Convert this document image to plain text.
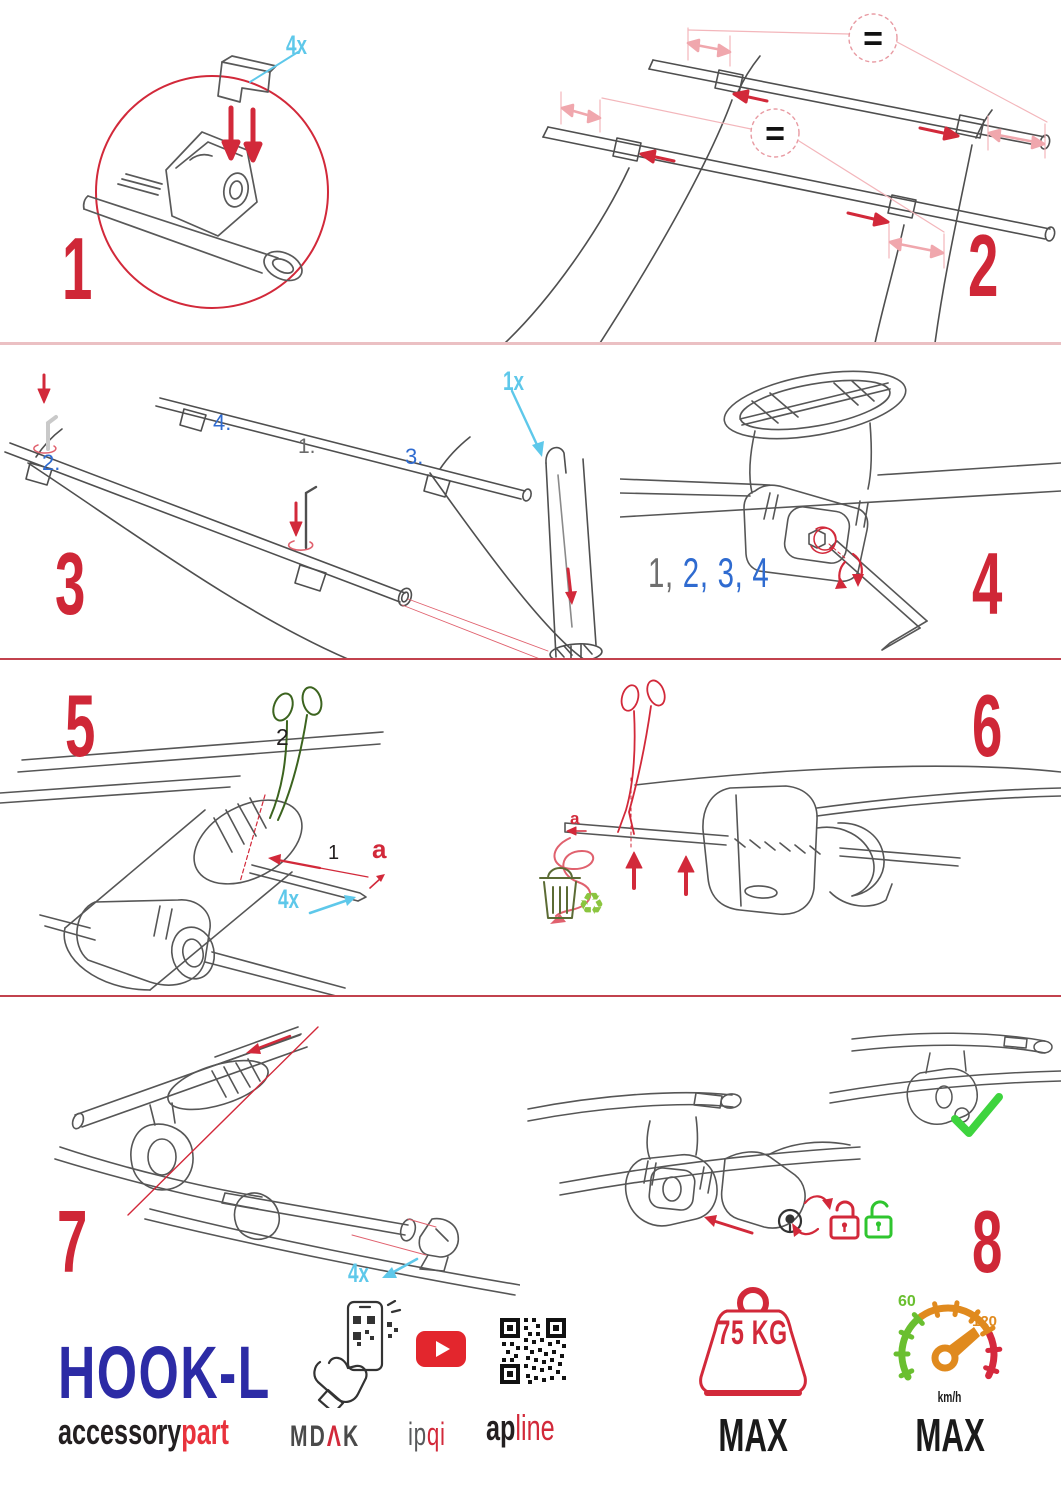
4x
1
=
=
2
1x
2.
4.
1.	3.
3	1, 2, 3, 4	4
5	2
1 a
4x
a
♻
6
7	4x	8
HOOK-L
accessorypart	MDΛK	ipqi	apline
75 KG
MAX
60
120
km/h
MAX
